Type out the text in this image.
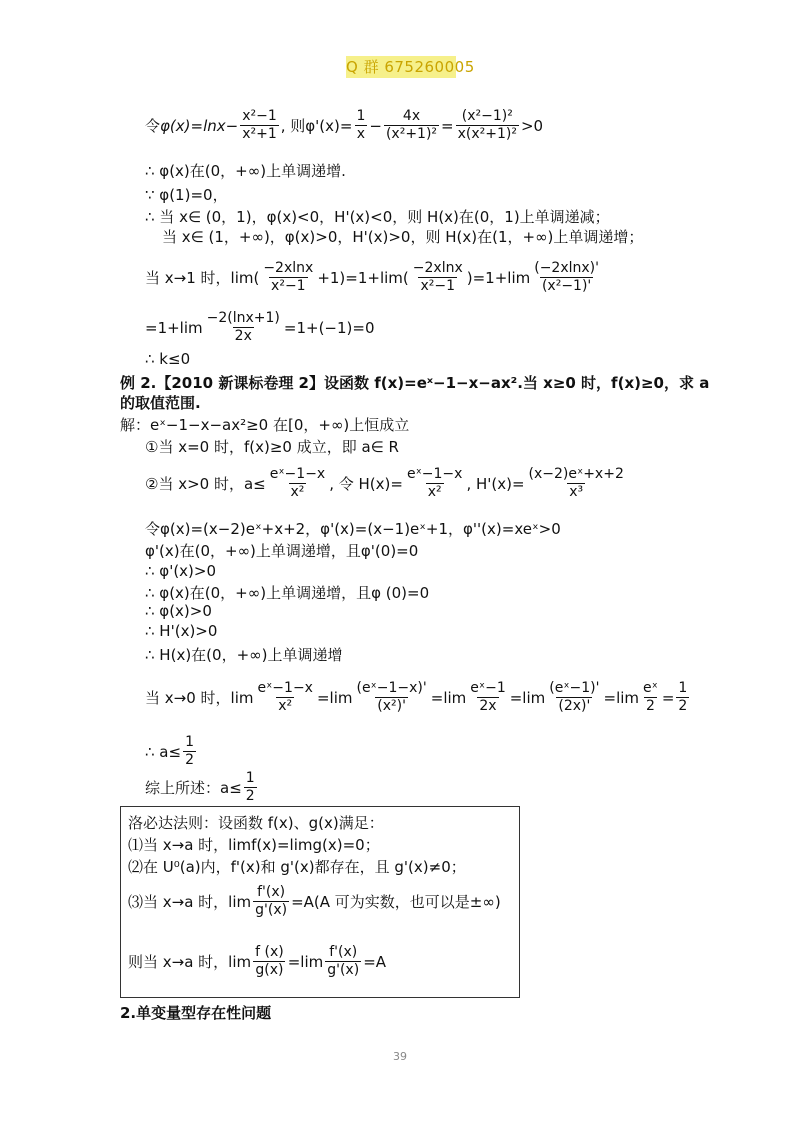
Q 群 675260005
令 φ $(x)=\ln x- \frac{\text{x²−1}}{\text{x²+1}}$ , 则$\varphi'(x)= \frac{1}{x} - \frac{4x}{\text{(x²+1)²}} = \frac{\text{(x²−1)²}}{\text{x(x²+1)²}} >0$
∴ φ(x)在(0，+∞)上单调递增.
∵ φ(1)=0，
∴ 当 x∈ (0，1)，φ(x)<0，H'(x)<0，则 H(x)在(0，1)上单调递减；
当 x∈ (1，+∞)，φ(x)>0，H'(x)>0，则 H(x)在(1，+∞)上单调递增；
当 x→1 时，$\lim( \frac{-2xlnx}{\text{x²−1}} +1)=1+\lim( \frac{-2xlnx}{\text{x²−1}} )=1+\lim \frac{(-2xlnx)'}{\text{(x²−1)'}}$
$=1+\lim \frac{-2(\ln x+1)}{2x} =1+(-1)=0$
∴ k≤0
例 2.【2010 新课标卷理 2】设函数 f(x)=eˣ−1−x−ax².当 x≥0 时，f(x)≥0，求 a
的取值范围.
解：eˣ−1−x−ax²≥0 在[0，+∞)上恒成立
①当 x=0 时，f(x)≥0 成立，即 a∈ R
②当 x>0 时，$a\le \frac{\text{eˣ−1−x}}{\text{x²}}$ , 令 $H(x)= \frac{\text{eˣ−1−x}}{\text{x²}}$ , $H'(x)= \frac{\text{(x−2)eˣ+x+2}}{\text{x³}}$
令φ(x)=(x−2)eˣ+x+2，φ'(x)=(x−1)eˣ+1，φ''(x)=xeˣ>0
φ'(x)在(0，+∞)上单调递增，且φ'(0)=0
∴ φ'(x)>0
∴ φ(x)在(0，+∞)上单调递增，且φ (0)=0
∴ φ(x)>0
∴ H'(x)>0
∴ H(x)在(0，+∞)上单调递增
当 x→0 时，$\lim \frac{\text{eˣ−1−x}}{\text{x²}} =\lim \frac{\text{(eˣ−1−x)'}}{\text{(x²)'}} =\lim \frac{\text{eˣ−1}}{2x} =\lim \frac{\text{(eˣ−1)'}}{(2x)'} =\lim \frac{\text{eˣ}}{2} = \frac{1}{2}$
∴ $a\le \frac{1}{2}$
综上所述：$a\le \frac{1}{2}$
洛必达法则：设函数 f(x)、g(x)满足：
⑴当 x→a 时，limf(x)=limg(x)=0；
⑵在 U⁰(a)内，f'(x)和 g'(x)都存在，且 g'(x)≠0；
⑶当 x→a 时，$\lim \frac{f'(x)}{g'(x)} =A(A$ 可为实数，也可以是±∞)
则当 x→a 时，$\lim \frac{f (x)}{g(x)} =\lim \frac{f'(x)}{g'(x)} =A$
2.单变量型存在性问题
39
